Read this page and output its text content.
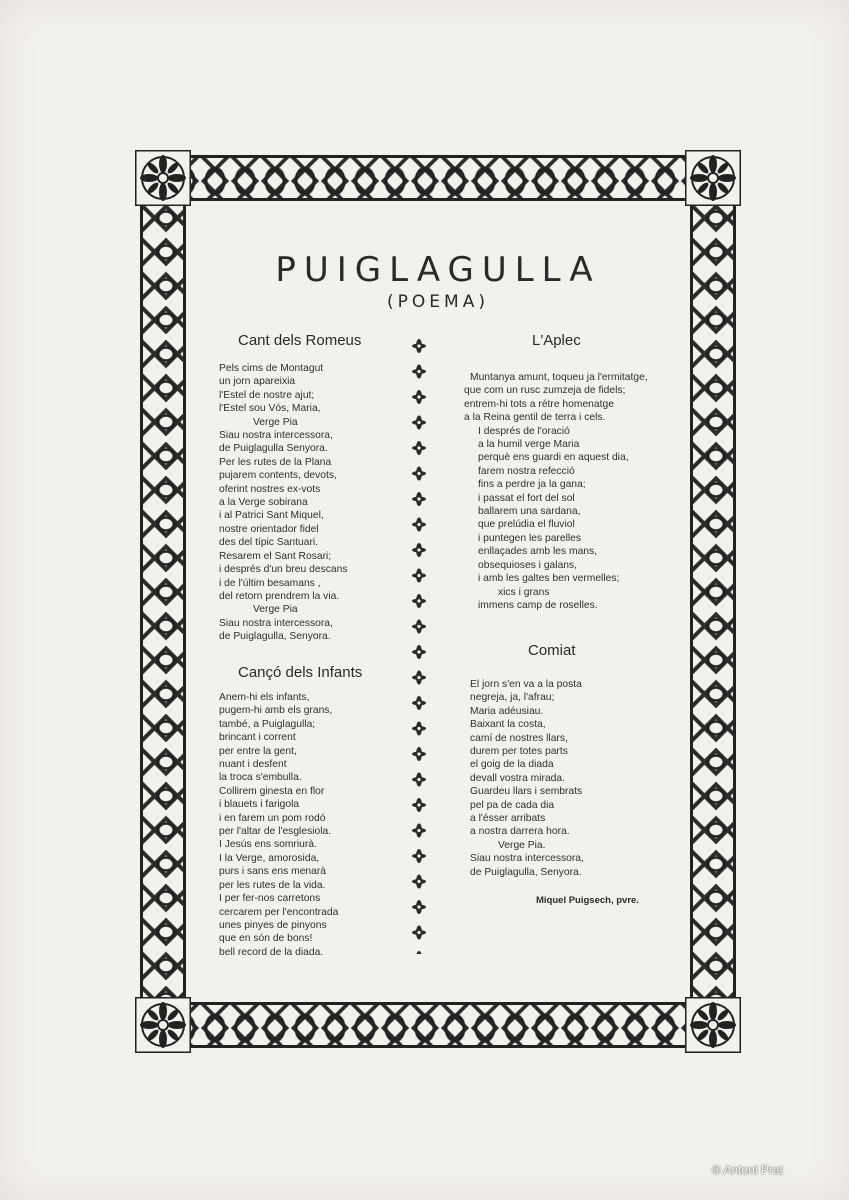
PUIGLAGULLA
(POEMA)
Cant dels Romeus

Pels cims de Montagut

un jorn apareixia

l'Estel de nostre ajut;

l'Estel sou Vós, Maria,

Verge Pia

Siau nostra intercessora,

de Puiglagulla Senyora.

Per les rutes de la Plana

pujarem contents, devots,

oferint nostres ex-vots

a la Verge sobirana

i al Patrici Sant Miquel,

nostre orientador fidel

des del típic Santuari.

Resarem el Sant Rosari;

i després d'un breu descans

i de l'últim besamans ,

del retorn prendrem la via.

Verge Pia

Siau nostra intercessora,

de Puiglagulla, Senyora.

Cançó dels Infants

Anem-hi els infants,

pugem-hi amb els grans,

també, a Puiglagulla;

brincant i corrent

per entre la gent,

nuant i desfent

la troca s'embulla.

Collirem ginesta en flor

i blauets i farigola

i en farem un pom rodó

per l'altar de l'esglesiola.

I Jesús ens somriurà.

I la Verge, amorosida,

purs i sans ens menarà

per les rutes de la vida.

I per fer-nos carretons

cercarem per l'encontrada

unes pinyes de pinyons

que en són de bons!

bell record de la diada.

L'Aplec

Muntanya amunt, toqueu ja l'ermitatge,

que com un rusc zumzeja de fidels;

entrem-hi tots a rétre homenatge

a la Reina gentil de terra i cels.

I després de l'oració

a la humil verge Maria

perquè ens guardi en aquest dia,

farem nostra refecció

fins a perdre ja la gana;

i passat el fort del sol

ballarem una sardana,

que prelúdia el fluviol

i puntegen les parelles

enllaçades amb les mans,

obsequioses i galans,

i amb les galtes ben vermelles;

xics i grans

immens camp de roselles.

Comiat

El jorn s'en va a la posta

negreja, ja, l'afrau;

Maria adéusiau.

Baixant la costa,

camí de nostres llars,

durem per totes parts

el goig de la diada

devall vostra mirada.

Guardeu llars i sembrats

pel pa de cada dia

a l'ésser arribats

a nostra darrera hora.

Verge Pia.

Siau nostra intercessora,

de Puiglagulla, Senyora.

Miquel Puigsech, pvre.
© Antoni Prat
